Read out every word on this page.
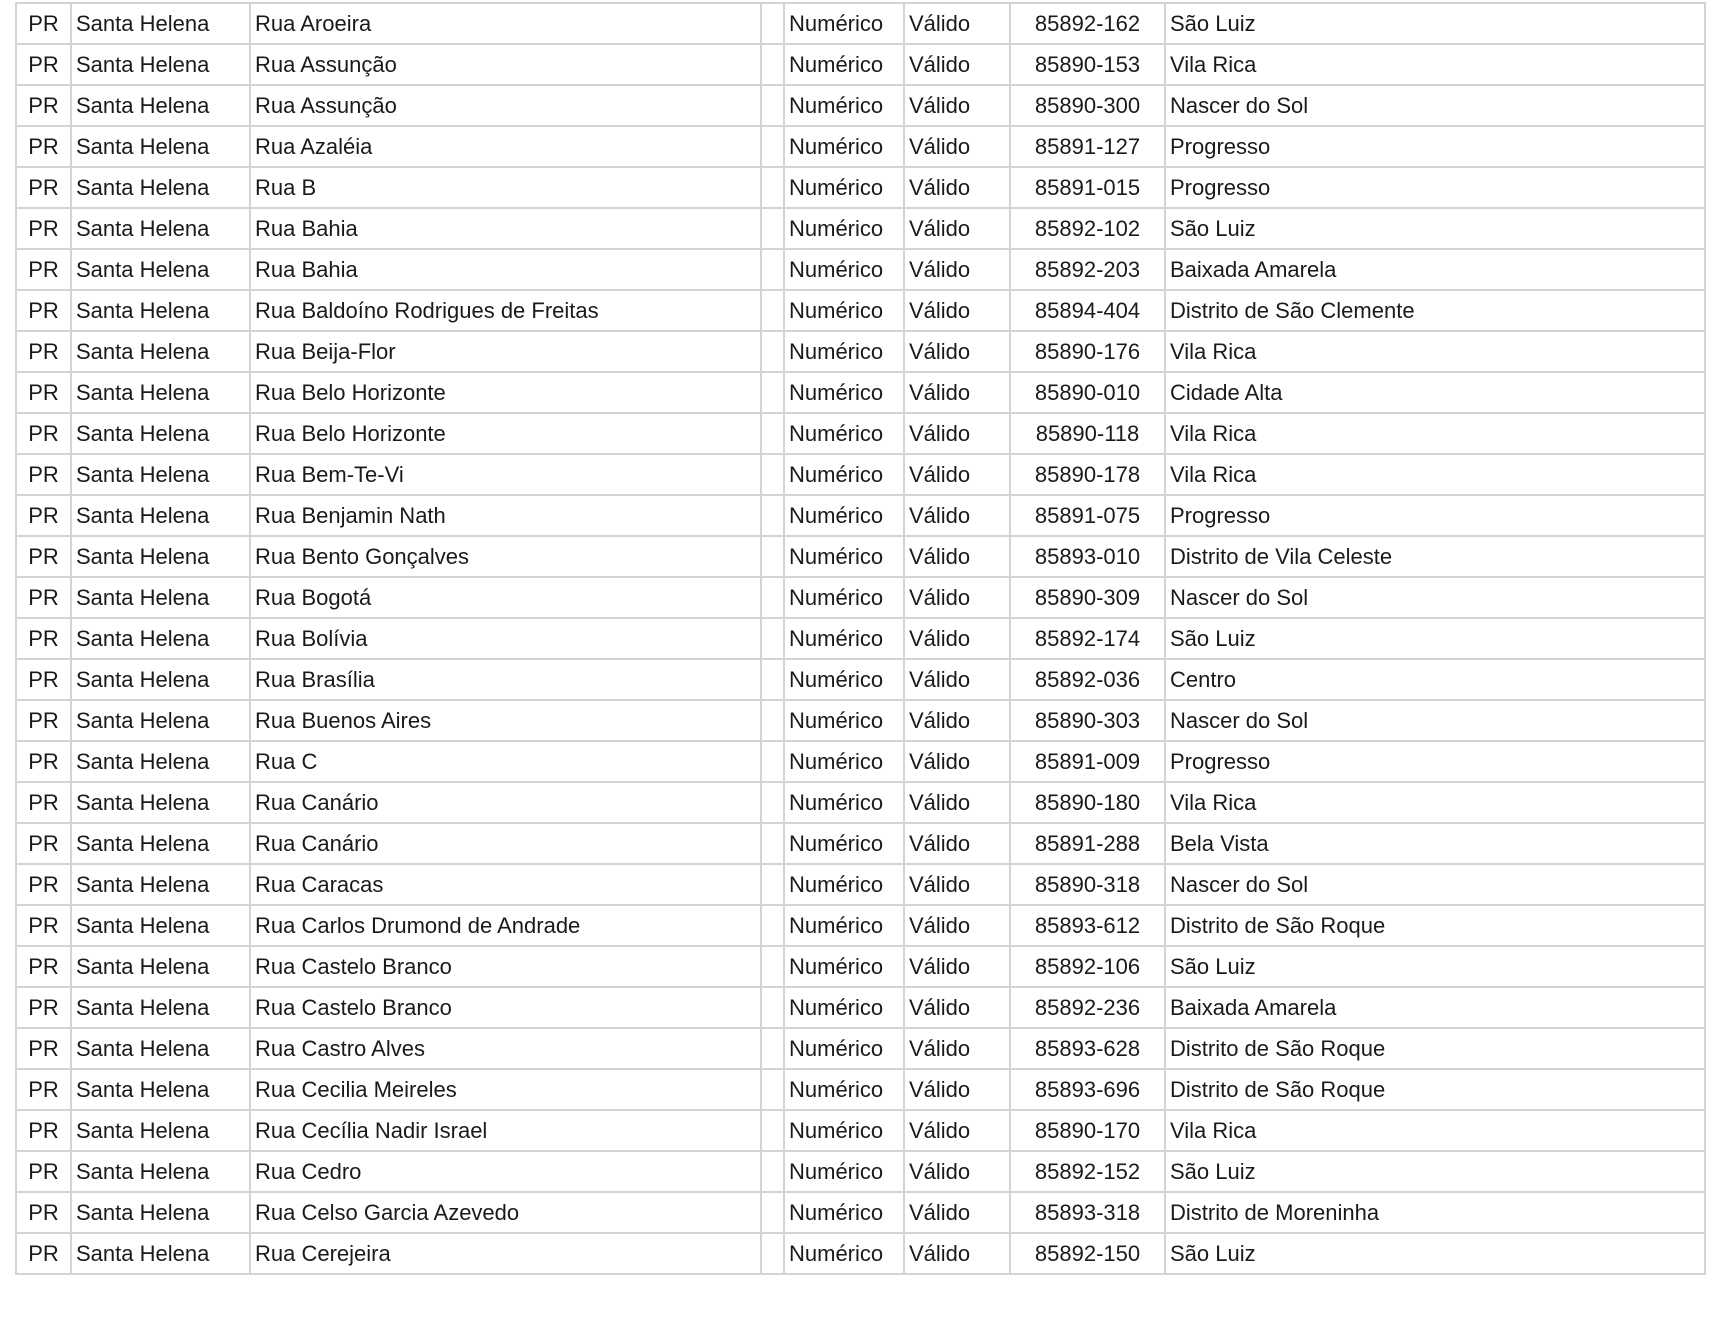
PR	Santa Helena	Rua Aroeira		Numérico	Válido	85892-162	São Luiz
PR	Santa Helena	Rua Assunção		Numérico	Válido	85890-153	Vila Rica
PR	Santa Helena	Rua Assunção		Numérico	Válido	85890-300	Nascer do Sol
PR	Santa Helena	Rua Azaléia		Numérico	Válido	85891-127	Progresso
PR	Santa Helena	Rua B		Numérico	Válido	85891-015	Progresso
PR	Santa Helena	Rua Bahia		Numérico	Válido	85892-102	São Luiz
PR	Santa Helena	Rua Bahia		Numérico	Válido	85892-203	Baixada Amarela
PR	Santa Helena	Rua Baldoíno Rodrigues de Freitas		Numérico	Válido	85894-404	Distrito de São Clemente
PR	Santa Helena	Rua Beija-Flor		Numérico	Válido	85890-176	Vila Rica
PR	Santa Helena	Rua Belo Horizonte		Numérico	Válido	85890-010	Cidade Alta
PR	Santa Helena	Rua Belo Horizonte		Numérico	Válido	85890-118	Vila Rica
PR	Santa Helena	Rua Bem-Te-Vi		Numérico	Válido	85890-178	Vila Rica
PR	Santa Helena	Rua Benjamin Nath		Numérico	Válido	85891-075	Progresso
PR	Santa Helena	Rua Bento Gonçalves		Numérico	Válido	85893-010	Distrito de Vila Celeste
PR	Santa Helena	Rua Bogotá		Numérico	Válido	85890-309	Nascer do Sol
PR	Santa Helena	Rua Bolívia		Numérico	Válido	85892-174	São Luiz
PR	Santa Helena	Rua Brasília		Numérico	Válido	85892-036	Centro
PR	Santa Helena	Rua Buenos Aires		Numérico	Válido	85890-303	Nascer do Sol
PR	Santa Helena	Rua C		Numérico	Válido	85891-009	Progresso
PR	Santa Helena	Rua Canário		Numérico	Válido	85890-180	Vila Rica
PR	Santa Helena	Rua Canário		Numérico	Válido	85891-288	Bela Vista
PR	Santa Helena	Rua Caracas		Numérico	Válido	85890-318	Nascer do Sol
PR	Santa Helena	Rua Carlos Drumond de Andrade		Numérico	Válido	85893-612	Distrito de São Roque
PR	Santa Helena	Rua Castelo Branco		Numérico	Válido	85892-106	São Luiz
PR	Santa Helena	Rua Castelo Branco		Numérico	Válido	85892-236	Baixada Amarela
PR	Santa Helena	Rua Castro Alves		Numérico	Válido	85893-628	Distrito de São Roque
PR	Santa Helena	Rua Cecilia Meireles		Numérico	Válido	85893-696	Distrito de São Roque
PR	Santa Helena	Rua Cecília Nadir Israel		Numérico	Válido	85890-170	Vila Rica
PR	Santa Helena	Rua Cedro		Numérico	Válido	85892-152	São Luiz
PR	Santa Helena	Rua Celso Garcia Azevedo		Numérico	Válido	85893-318	Distrito de Moreninha
PR	Santa Helena	Rua Cerejeira		Numérico	Válido	85892-150	São Luiz
